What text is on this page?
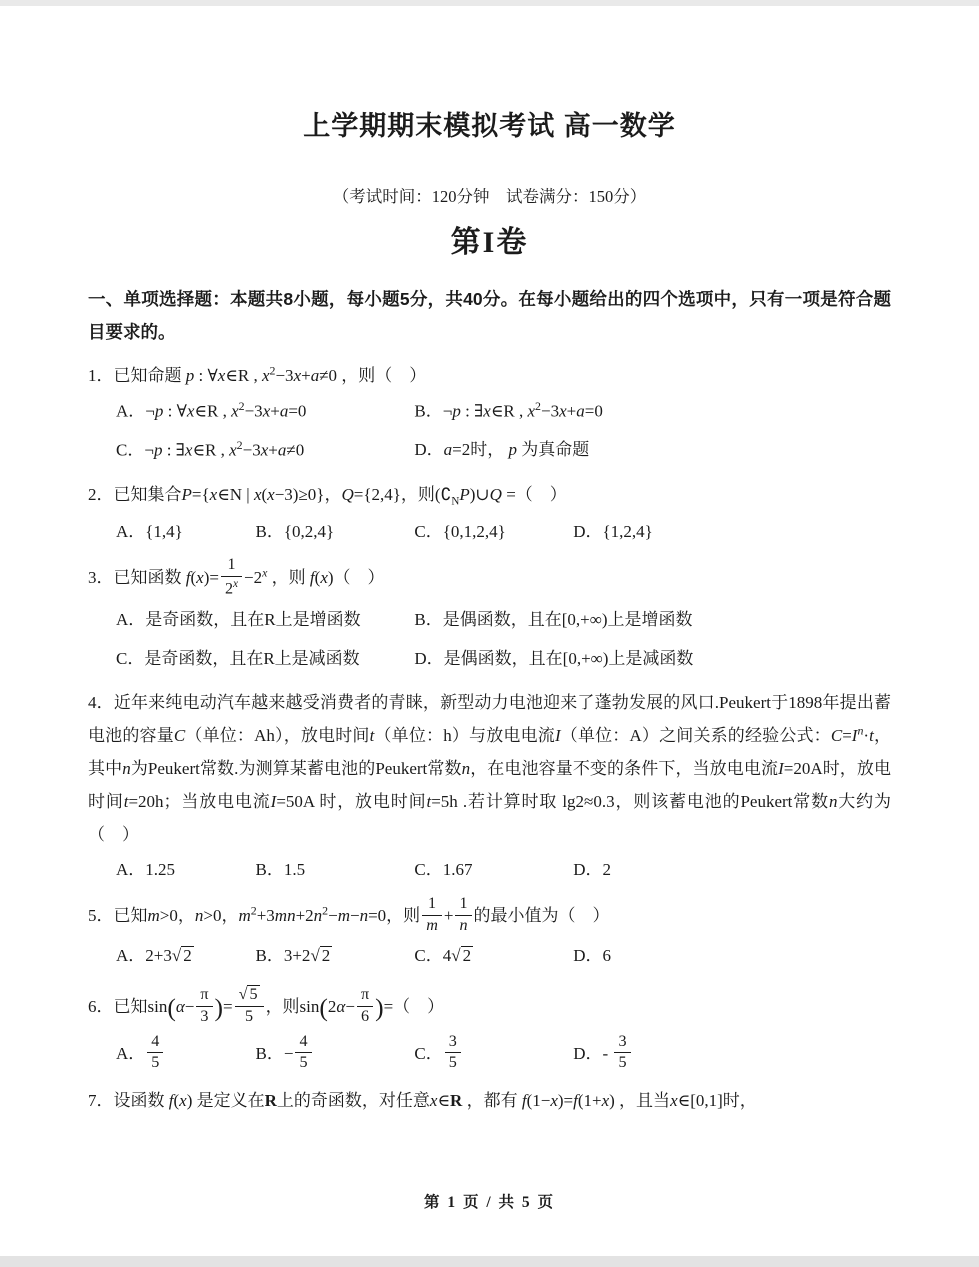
上学期期末模拟考试 高一数学
（考试时间：120分钟　试卷满分：150分）
第I卷
一、单项选择题：本题共8小题，每小题5分，共40分。在每小题给出的四个选项中，只有一项是符合题目要求的。
1．已知命题 p : ∀x∈R , $x^2-3x+a\ne 0$ ，则（　）
A．¬p : ∀x∈R , $x^2-3x+a=0$	B．¬p : ∃x∈R , $x^2-3x+a=0$
C．¬p : ∃x∈R , $x^2-3x+a\ne 0$	D．a=2时， p 为真命题
2．已知集合P={x∈N | x(x−3)≥0}，Q={2,4}，则$(∁_NP)\cup Q$ =（　）
A．{1,4}	B．{0,2,4}	C．{0,1,2,4}	D．{1,2,4}
3．已知函数 $f(x)= \frac{1}{2^x} -2^x$ ，则 f(x)（　）
A．是奇函数，且在R上是增函数	B．是偶函数，且在[0,+∞)上是增函数
C．是奇函数，且在R上是减函数	D．是偶函数，且在[0,+∞)上是减函数
4．近年来纯电动汽车越来越受消费者的青睐，新型动力电池迎来了蓬勃发展的风口.Peukert于1898年提出蓄电池的容量C（单位：Ah），放电时间t（单位：h）与放电电流I（单位：A）之间关系的经验公式：$C=I^n\cdot t$，其中n为Peukert常数.为测算某蓄电池的Peukert常数n，在电池容量不变的条件下，当放电电流I=20A时，放电时间t=20h；当放电电流I=50A 时，放电时间t=5h .若计算时取 lg2≈0.3，则该蓄电池的Peukert常数n大约为（　）
A．1.25	B．1.5	C．1.67	D．2
5．已知m>0，n>0，$m^2+3mn+2n^2-m-n=0$，则 $\frac{1}{m} + \frac{1}{n}$ 的最小值为（　）
A．2+3√ 2	B．3+2√ 2	C．4√ 2	D．6
6．已知$\sin(\alpha- \frac{\pi}{3}$ )= $\frac{√ 5}{5}$ ，则$\sin(2\alpha- \frac{\pi}{6}$ )=（　）
A． $\frac{4}{5}$	B．− $\frac{4}{5}$	C． $\frac{3}{5}$	D．- $\frac{3}{5}$
7．设函数 f(x) 是定义在R上的奇函数，对任意x∈R ，都有 f(1−x)=f(1+x) ，且当x∈[0,1]时，
第 1 页 / 共 5 页
